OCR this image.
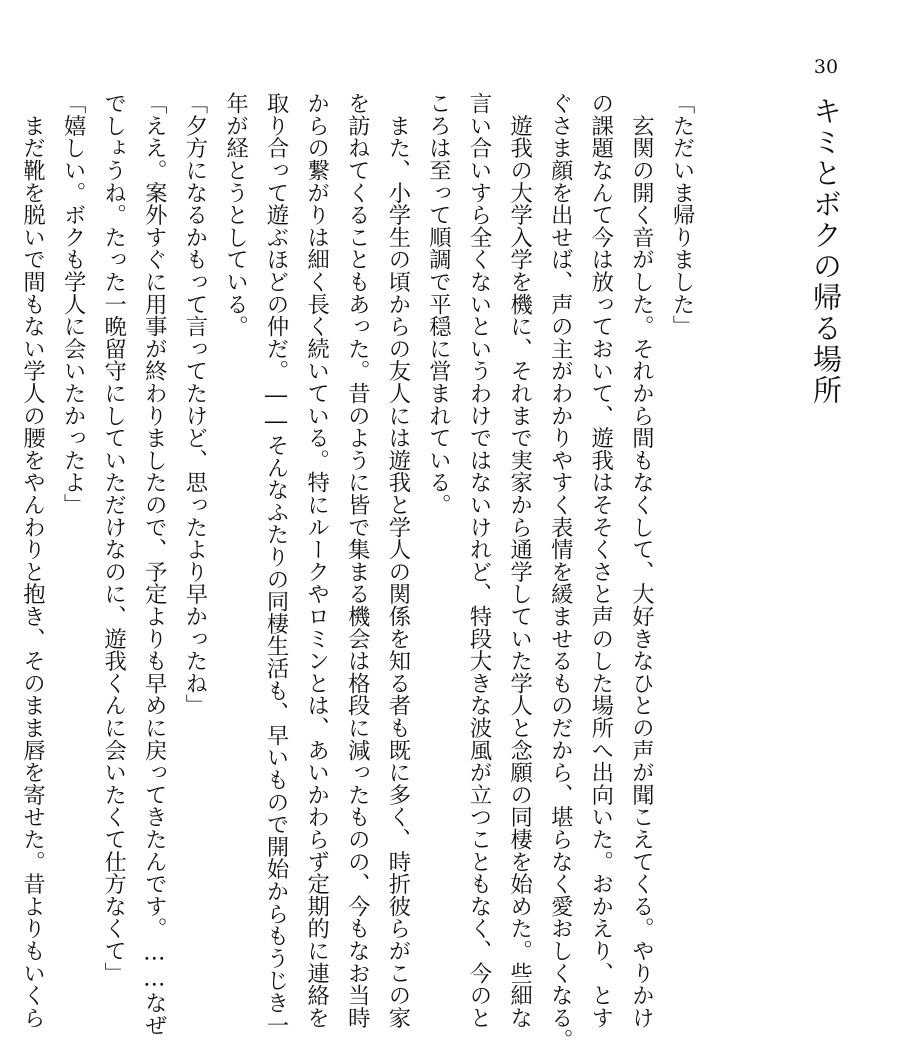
30
キミとボクの帰る場所
「ただいま帰りました」
　玄関の開く音がした。それから間もなくして、大好きなひとの声が聞こえてくる。やりかけ
の課題なんて今は放っておいて、遊我はそそくさと声のした場所へ出向いた。おかえり、とす
ぐさま顔を出せば、声の主がわかりやすく表情を緩ませるものだから、堪らなく愛おしくなる。
　遊我の大学入学を機に、それまで実家から通学していた学人と念願の同棲を始めた。些細な
言い合いすら全くないというわけではないけれど、特段大きな波風が立つこともなく、今のと
ころは至って順調で平穏に営まれている。
　また、小学生の頃からの友人には遊我と学人の関係を知る者も既に多く、時折彼らがこの家
を訪ねてくることもあった。昔のように皆で集まる機会は格段に減ったものの、今もなお当時
からの繋がりは細く長く続いている。特にルークやロミンとは、あいかわらず定期的に連絡を
取り合って遊ぶほどの仲だ。――そんなふたりの同棲生活も、早いもので開始からもうじき一
年が経とうとしている。
「夕方になるかもって言ってたけど、思ったより早かったね」
「ええ。案外すぐに用事が終わりましたので、予定よりも早めに戻ってきたんです。……なぜ
でしょうね。たった一晩留守にしていただけなのに、遊我くんに会いたくて仕方なくて」
「嬉しい。ボクも学人に会いたかったよ」
　まだ靴を脱いで間もない学人の腰をやんわりと抱き、そのまま唇を寄せた。昔よりもいくら
